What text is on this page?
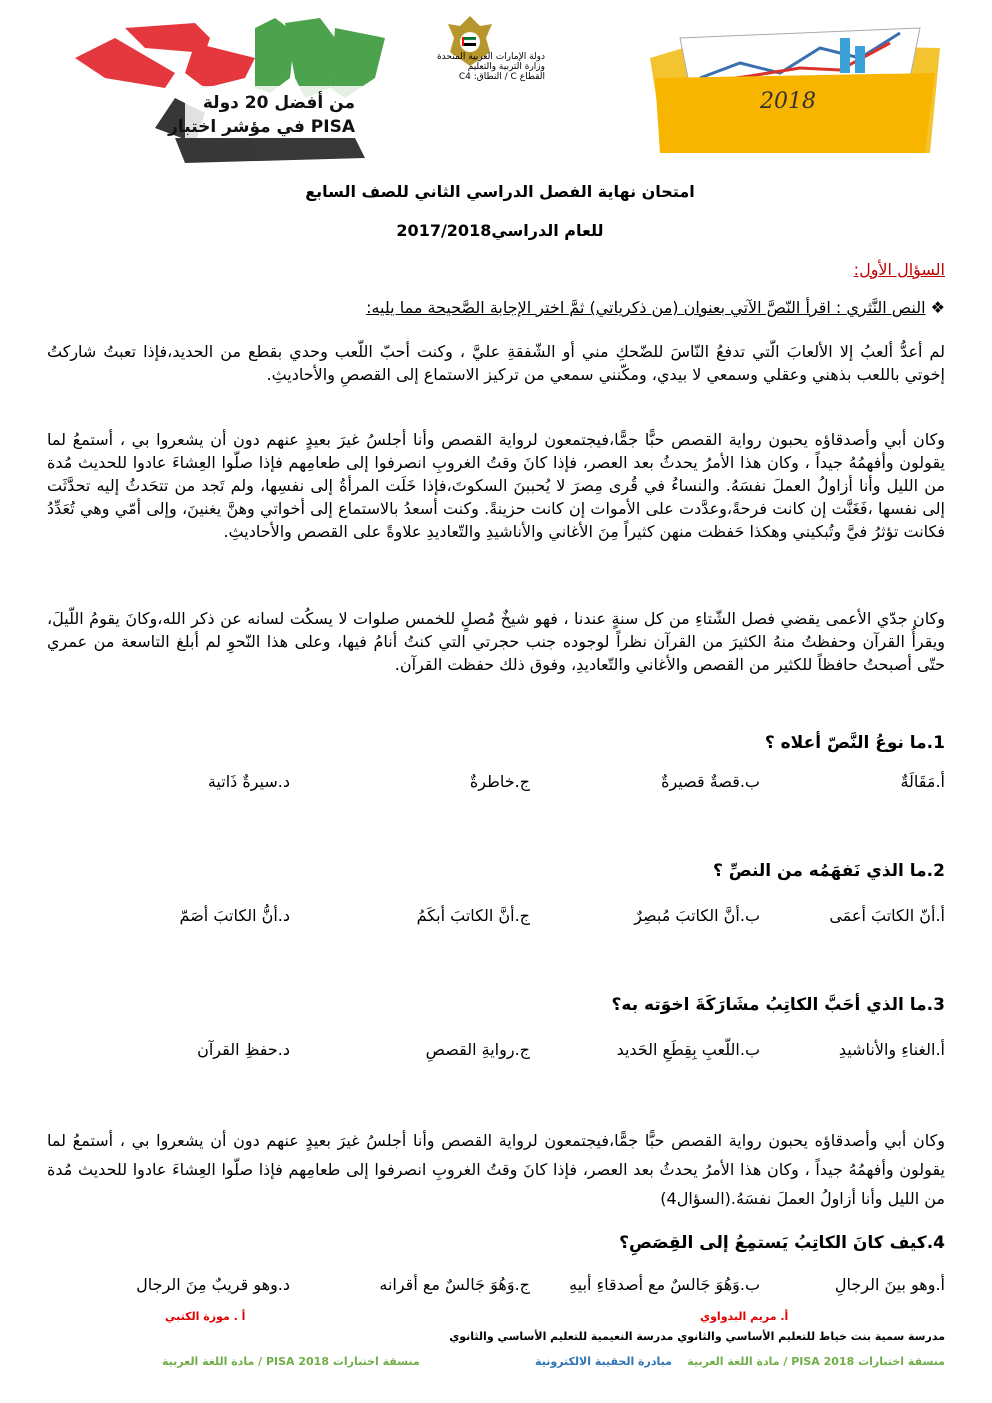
من أفضل 20 دولة
في مؤشر اختبار PISA
دولة الإمارات العربية المتحدة
وزارة التربية والتعليم
القطاع C / النطاق: C4
2018
امتحان نهاية الفصل الدراسي الثاني للصف السابع
للعام الدراسي2017/2018
السؤال الأول:
❖ النص النَّثري : اقرأ النّصَّ الآتي بعنوان (من ذكرياتي) ثمَّ اختر الإجابة الصَّحيحة مما يليه:
لم أعدُّ ألعبُ إلا الألعابَ الّتي تدفعُ النّاسَ للضّحكِ مني أو الشّفقةِ عليَّ ، وكنت أحبّ اللّعب وحدي بقطع من الحديد،فإذا تعبتُ شاركتُ إخوتي باللعب بذهني وعقلي وسمعي لا بيدي، ومكّنني سمعي من تركيز الاستماع إلى القصصِ والأحاديثِ.
وكان أبي وأصدقاؤه يحبون رواية القصص حبًّا جمًّا،فيجتمعون لرواية القصص وأنا أجلسُ غيرَ بعيدٍ عنهم دون أن يشعروا بي ، أستمعُ لما يقولون وأفهمُهُ جيداً ، وكان هذا الأمرُ يحدثُ بعد العصر، فإذا كانَ وقتُ الغروبِ انصرفوا إلى طعامِهم فإذا صلّوا العِشاءَ عادوا للحديث مُدة من الليل وأنا أزاولُ العملَ نفسَهُ. والنساءُ في قُرى مِصرَ لا يُحببنَ السكوتَ،فإذا خَلَت المرأةُ إلى نفسِها، ولم تَجد من تتحَدثُ إليه تحدَّثَت إلى نفسها ،فَغَنَّت إن كانت فرحةً،وعدَّدت على الأموات إن كانت حزينةً. وكنت أسعدُ بالاستماع إلى أخواتي وهنَّ يغنينَ، وإلى أمّي وهي تُعَدِّدُ فكانت تؤثرُ فيَّ وتُبكيني وهكذا حَفظت منهن كثيراً مِنَ الأغاني والأناشيدِ والتّعاديدِ علاوةً على القصص والأحاديثِ.
وكان جدّي الأعمى يقضي فصل الشّتاءِ من كل سنةٍ عندنا ، فهو شيخٌ مُصلٍ للخمس صلوات لا يسكُت لسانه عن ذكر الله،وكانَ يقومُ اللّيلَ، ويقرأُ القرآن وحفظتُ منهُ الكثيرَ من القرآن نظراً لوجوده جنب حجرتي التي كنتُ أنامُ فيها، وعلى هذا النّحوِ لم أبلغ التاسعة من عمري حتّى أصبحتُ حافظاً للكثير من القصص والأغاني والتّعاديدِ، وفوق ذلك حفظت القرآن.
1.ما نوعُ النَّصّ أعلاه ؟
أ.مَقَالَةٌ
ب.قصةٌ قصيرةٌ
ج.خاطرةٌ
د.سيرةٌ ذَاتية
2.ما الذي نَفهَمُه من النصِّ ؟
أ.أنّ الكاتبَ أعمَى
ب.أنَّ الكاتبَ مُبصِرٌ
ج.أنَّ الكاتبَ أبكَمُ
د.أنُّ الكاتبَ أصَمّ
3.ما الذي أحَبَّ الكاتِبُ مشَارَكَةَ اخوَته به؟
أ.الغناءِ والأناشيدِ
ب.اللّعبِ بِقِطَعِ الحَديد
ج.روايةِ القصصِ
د.حفظِ القرآن
وكان أبي وأصدقاؤه يحبون رواية القصص حبًّا جمًّا،فيجتمعون لرواية القصص وأنا أجلسُ غيرَ بعيدٍ عنهم دون أن يشعروا بي ، أستمعُ لما يقولون وأفهمُهُ جيداً ، وكان هذا الأمرُ يحدثُ بعد العصر، فإذا كانَ وقتُ الغروبِ انصرفوا إلى طعامِهم فإذا صلّوا العِشاءَ عادوا للحديث مُدة من الليل وأنا أزاولُ العملَ نفسَهُ.(السؤال4)
4.كيف كانَ الكاتِبُ يَستمِعُ إلى القِصَصِ؟
أ.وهو بينَ الرجالِ
ب.وَهُوَ جَالسٌ مع أصدقاءِ أبيهِ
ج.وَهُوَ جَالسٌ مع أقرانه
د.وهو قريبٌ مِنَ الرجال
أ. مريم البدواوي
أ . موزة الكتبي
مدرسة سمية بنت خياط للتعليم الأساسي والثانوي مدرسة النعيمية للتعليم الأساسي والثانوي
منسقة اختبارات PISA 2018 / مادة اللغة العربية    مبادرة الحقيبة الالكترونية
منسقة اختبارات PISA 2018 / مادة اللغة العربية
